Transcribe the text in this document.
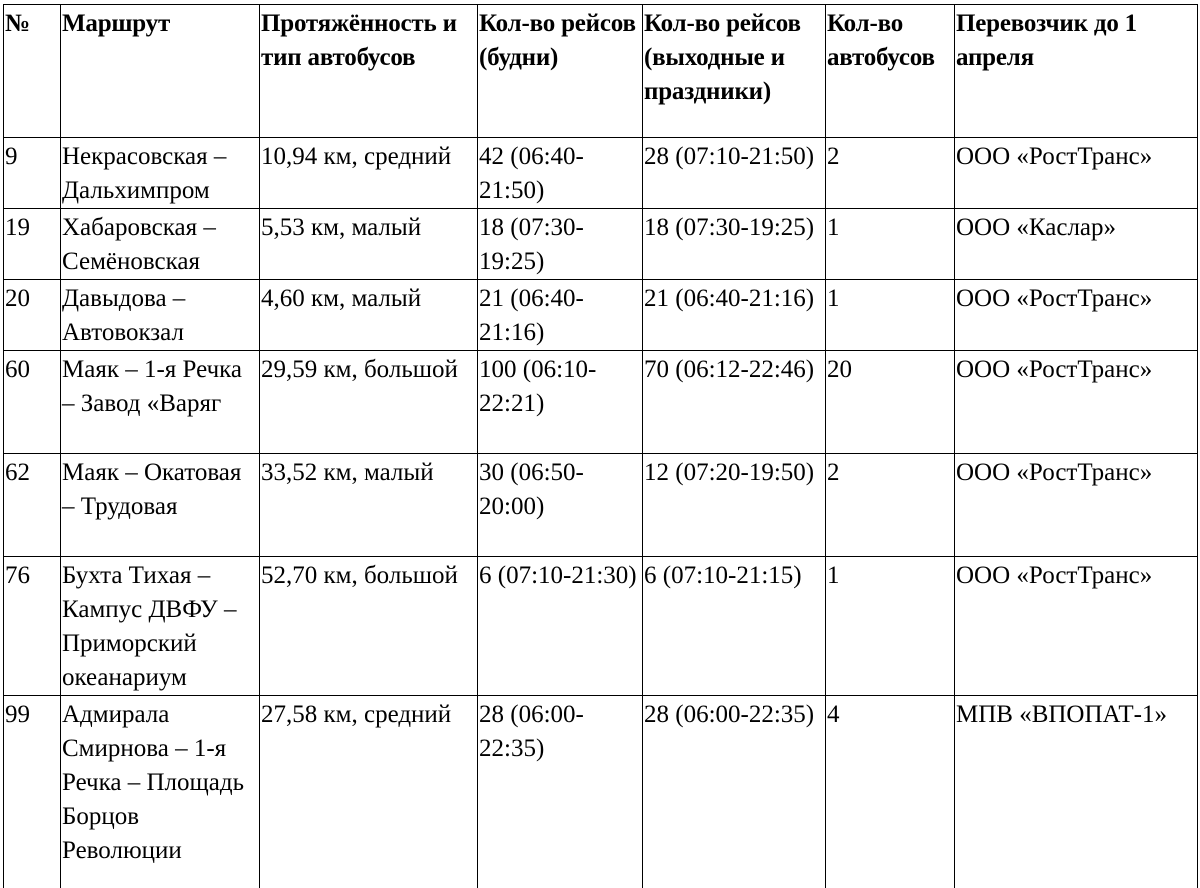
№	Маршрут	Протяжённость и тип автобусов	Кол-во рейсов (будни)	Кол-во рейсов (выходные и праздники)	Кол-во автобусов	Перевозчик до 1 апреля
9	Некрасовская – Дальхимпром	10,94 км, средний	42 (06:40-21:50)	28 (07:10-21:50)	2	ООО «РостТранс»
19	Хабаровская – Семёновская	5,53 км, малый	18 (07:30-19:25)	18 (07:30-19:25)	1	ООО «Каслар»
20	Давыдова – Автовокзал	4,60 км, малый	21 (06:40-21:16)	21 (06:40-21:16)	1	ООО «РостТранс»
60	Маяк – 1-я Речка – Завод «Варяг	29,59 км, большой	100 (06:10-22:21)	70 (06:12-22:46)	20	ООО «РостТранс»
62	Маяк – Окатовая – Трудовая	33,52 км, малый	30 (06:50-20:00)	12 (07:20-19:50)	2	ООО «РостТранс»
76	Бухта Тихая – Кампус ДВФУ – Приморский океанариум	52,70 км, большой	6 (07:10-21:30)	6 (07:10-21:15)	1	ООО «РостТранс»
99	Адмирала Смирнова – 1-я Речка – Площадь Борцов Революции	27,58 км, средний	28 (06:00-22:35)	28 (06:00-22:35)	4	МПВ «ВПОПАТ-1»
